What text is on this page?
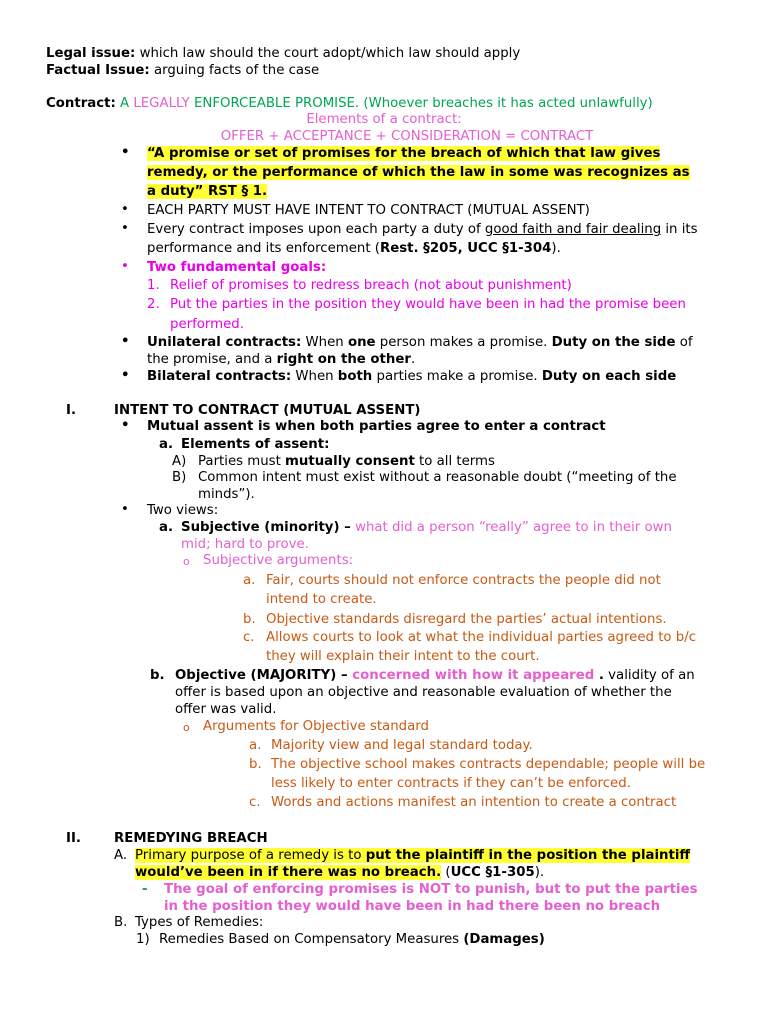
Legal issue: which law should the court adopt/which law should apply
Factual Issue: arguing facts of the case
Contract: A LEGALLY ENFORCEABLE PROMISE. (Whoever breaches it has acted unlawfully)
Elements of a contract:
OFFER + ACCEPTANCE + CONSIDERATION = CONTRACT
• “A promise or set of promises for the breach of which that law gives
remedy, or the performance of which the law in some was recognizes as
a duty” RST § 1.
• EACH PARTY MUST HAVE INTENT TO CONTRACT (MUTUAL ASSENT)
• Every contract imposes upon each party a duty of good faith and fair dealing in its
performance and its enforcement (Rest. §205, UCC §1-304).
• Two fundamental goals:
1. Relief of promises to redress breach (not about punishment)
2. Put the parties in the position they would have been in had the promise been
performed.
• Unilateral contracts: When one person makes a promise. Duty on the side of
the promise, and a right on the other.
• Bilateral contracts: When both parties make a promise. Duty on each side
I.	INTENT TO CONTRACT (MUTUAL ASSENT)
• Mutual assent is when both parties agree to enter a contract
a. Elements of assent:
A) Parties must mutually consent to all terms
B) Common intent must exist without a reasonable doubt (“meeting of the
minds”).
• Two views:
a. Subjective (minority) – what did a person “really” agree to in their own
mid; hard to prove.
o Subjective arguments:
a. Fair, courts should not enforce contracts the people did not
intend to create.
b. Objective standards disregard the parties’ actual intentions.
c. Allows courts to look at what the individual parties agreed to b/c
they will explain their intent to the court.
b. Objective (MAJORITY) – concerned with how it appeared . validity of an
offer is based upon an objective and reasonable evaluation of whether the
offer was valid.
o Arguments for Objective standard
a. Majority view and legal standard today.
b. The objective school makes contracts dependable; people will be
less likely to enter contracts if they can’t be enforced.
c. Words and actions manifest an intention to create a contract
II. REMEDYING BREACH
A. Primary purpose of a remedy is to put the plaintiff in the position the plaintiff
would’ve been in if there was no breach. (UCC §1-305).
- The goal of enforcing promises is NOT to punish, but to put the parties
in the position they would have been in had there been no breach
B. Types of Remedies:
1) Remedies Based on Compensatory Measures (Damages)
